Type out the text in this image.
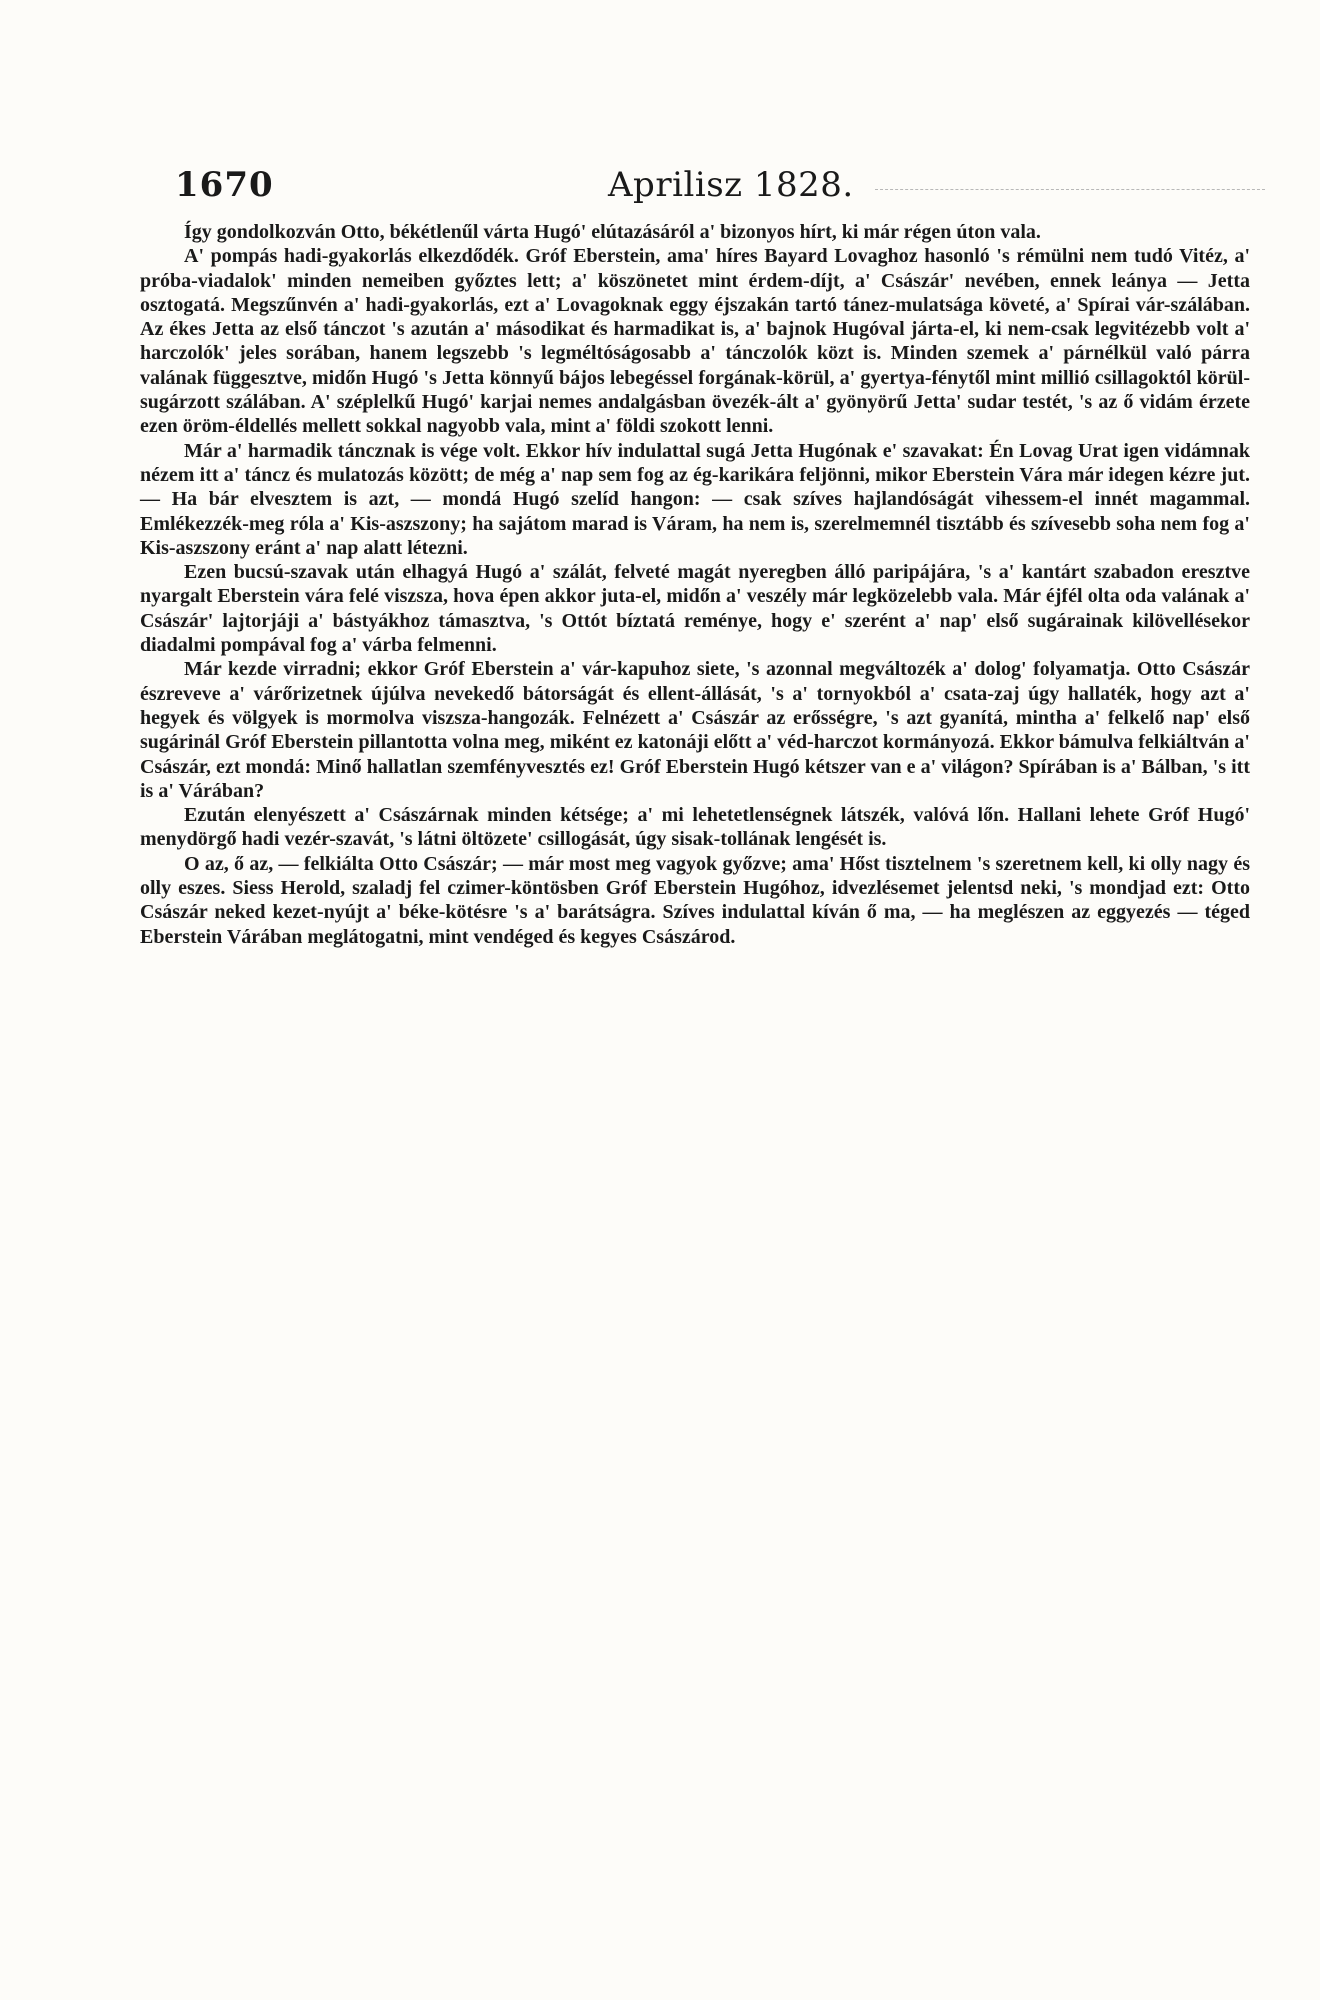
1670	Aprilisz 1828.

Így gondolkozván Otto, békétlenűl várta Hugó' elútazásáról a' bizonyos hírt, ki már régen úton vala.

A' pompás hadi-gyakorlás elkezdődék. Gróf Eberstein, ama' híres Bayard Lovaghoz hasonló 's rémülni nem tudó Vitéz, a' próba-viadalok' minden nemeiben győztes lett; a' köszönetet mint érdem-díjt, a' Császár' nevében, ennek leánya — Jetta osztogatá. Megszűnvén a' hadi-gyakorlás, ezt a' Lovagoknak eggy éjszakán tartó tánez-mulatsága követé, a' Spírai vár-szálában. Az ékes Jetta az első tánczot 's azután a' másodikat és harmadikat is, a' bajnok Hugóval járta-el, ki nem-csak legvitézebb volt a' harczolók' jeles sorában, hanem legszebb 's legméltóságosabb a' tánczolók közt is. Minden szemek a' párnélkül való párra valának függesztve, midőn Hugó 's Jetta könnyű bájos lebegéssel forgának-körül, a' gyertya-fénytől mint millió csillagoktól körül-sugárzott szálában. A' széplelkű Hugó' karjai nemes andalgásban övezék-ált a' gyönyörű Jetta' sudar testét, 's az ő vidám érzete ezen öröm-éldellés mellett sokkal nagyobb vala, mint a' földi szokott lenni.

Már a' harmadik táncznak is vége volt. Ekkor hív indulattal sugá Jetta Hugónak e' szavakat: Én Lovag Urat igen vidámnak nézem itt a' táncz és mulatozás között; de még a' nap sem fog az ég-karikára feljönni, mikor Eberstein Vára már idegen kézre jut. — Ha bár elvesztem is azt, — mondá Hugó szelíd hangon: — csak szíves hajlandóságát vihessem-el innét magammal. Emlékezzék-meg róla a' Kis-aszszony; ha sajátom marad is Váram, ha nem is, szerelmemnél tisztább és szívesebb soha nem fog a' Kis-aszszony eránt a' nap alatt létezni.

Ezen bucsú-szavak után elhagyá Hugó a' szálát, felveté magát nyeregben álló paripájára, 's a' kantárt szabadon eresztve nyargalt Eberstein vára felé viszsza, hova épen akkor juta-el, midőn a' veszély már legközelebb vala. Már éjfél olta oda valának a' Császár' lajtorjáji a' bástyákhoz támasztva, 's Ottót bíztatá reménye, hogy e' szerént a' nap' első sugárainak kilövellésekor diadalmi pompával fog a' várba felmenni.

Már kezde virradni; ekkor Gróf Eberstein a' vár-kapuhoz siete, 's azonnal megváltozék a' dolog' folyamatja. Otto Császár észreveve a' várőrizetnek újúlva nevekedő bátorságát és ellent-állását, 's a' tornyokból a' csata-zaj úgy hallaték, hogy azt a' hegyek és völgyek is mormolva viszsza-hangozák. Felnézett a' Császár az erősségre, 's azt gyanítá, mintha a' felkelő nap' első sugárinál Gróf Eberstein pillantotta volna meg, miként ez katonáji előtt a' véd-harczot kormányozá. Ekkor bámulva felkiáltván a' Császár, ezt mondá: Minő hallatlan szemfényvesztés ez! Gróf Eberstein Hugó kétszer van e a' világon? Spírában is a' Bálban, 's itt is a' Várában?

Ezután elenyészett a' Császárnak minden kétsége; a' mi lehetetlenségnek látszék, valóvá lőn. Hallani lehete Gróf Hugó' menydörgő hadi vezér-szavát, 's látni öltözete' csillogását, úgy sisak-tollának lengését is.

O az, ő az, — felkiálta Otto Császár; — már most meg vagyok győzve; ama' Hőst tisztelnem 's szeretnem kell, ki olly nagy és olly eszes. Siess Herold, szaladj fel czimer-köntösben Gróf Eberstein Hugóhoz, idvezlésemet jelentsd neki, 's mondjad ezt: Otto Császár neked kezet-nyújt a' béke-kötésre 's a' barátságra. Szíves indulattal kíván ő ma, — ha meglészen az eggyezés — téged Eberstein Várában meglátogatni, mint vendéged és kegyes Császárod.
